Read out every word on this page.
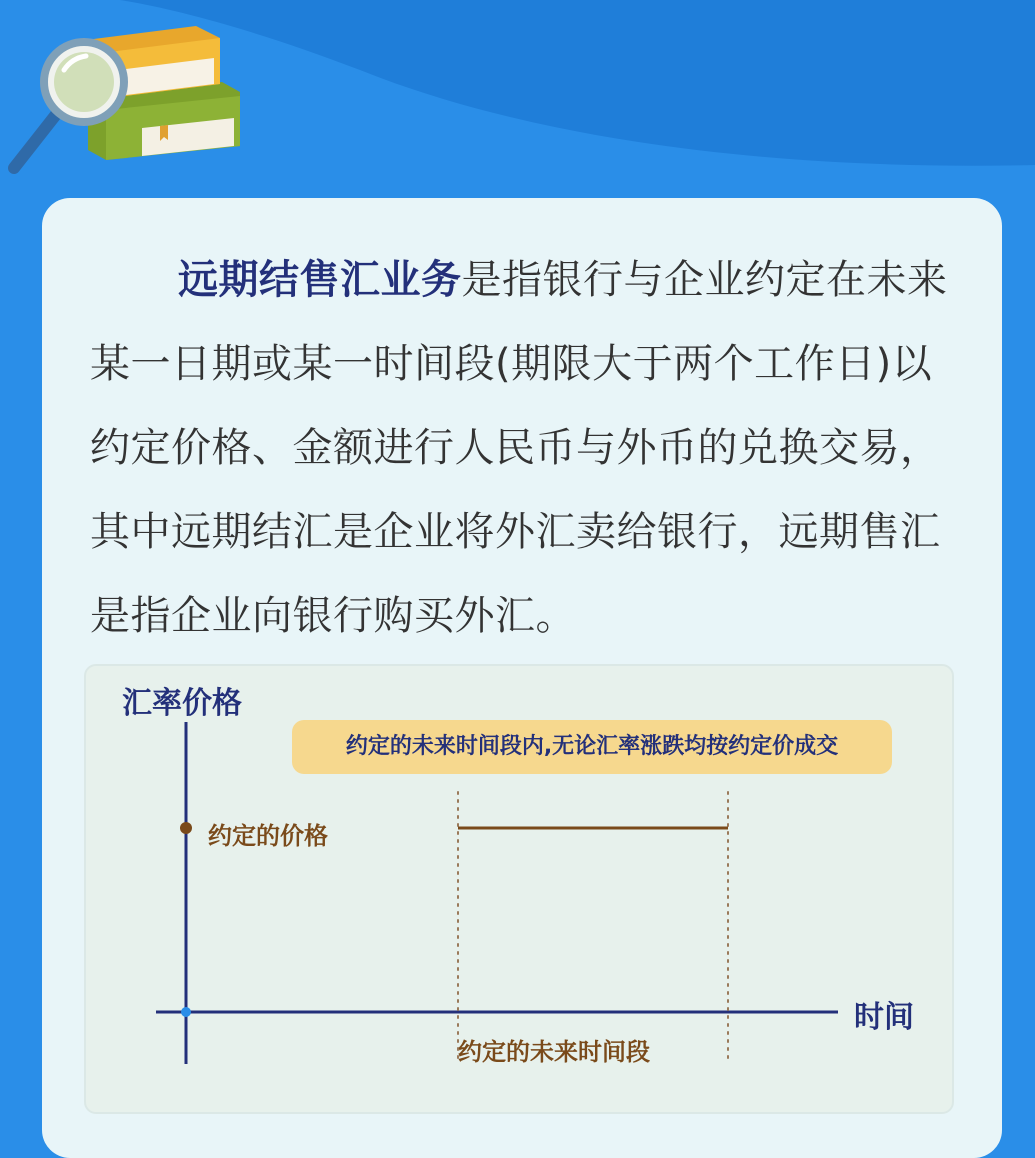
远期结售汇业务是指银行与企业约定在未来某一日期或某一时间段(期限大于两个工作日)以约定价格、金额进行人民币与外币的兑换交易，其中远期结汇是企业将外汇卖给银行，远期售汇是指企业向银行购买外汇。

汇率价格
约定的未来时间段内,无论汇率涨跌均按约定价成交
约定的价格
时间
约定的未来时间段
